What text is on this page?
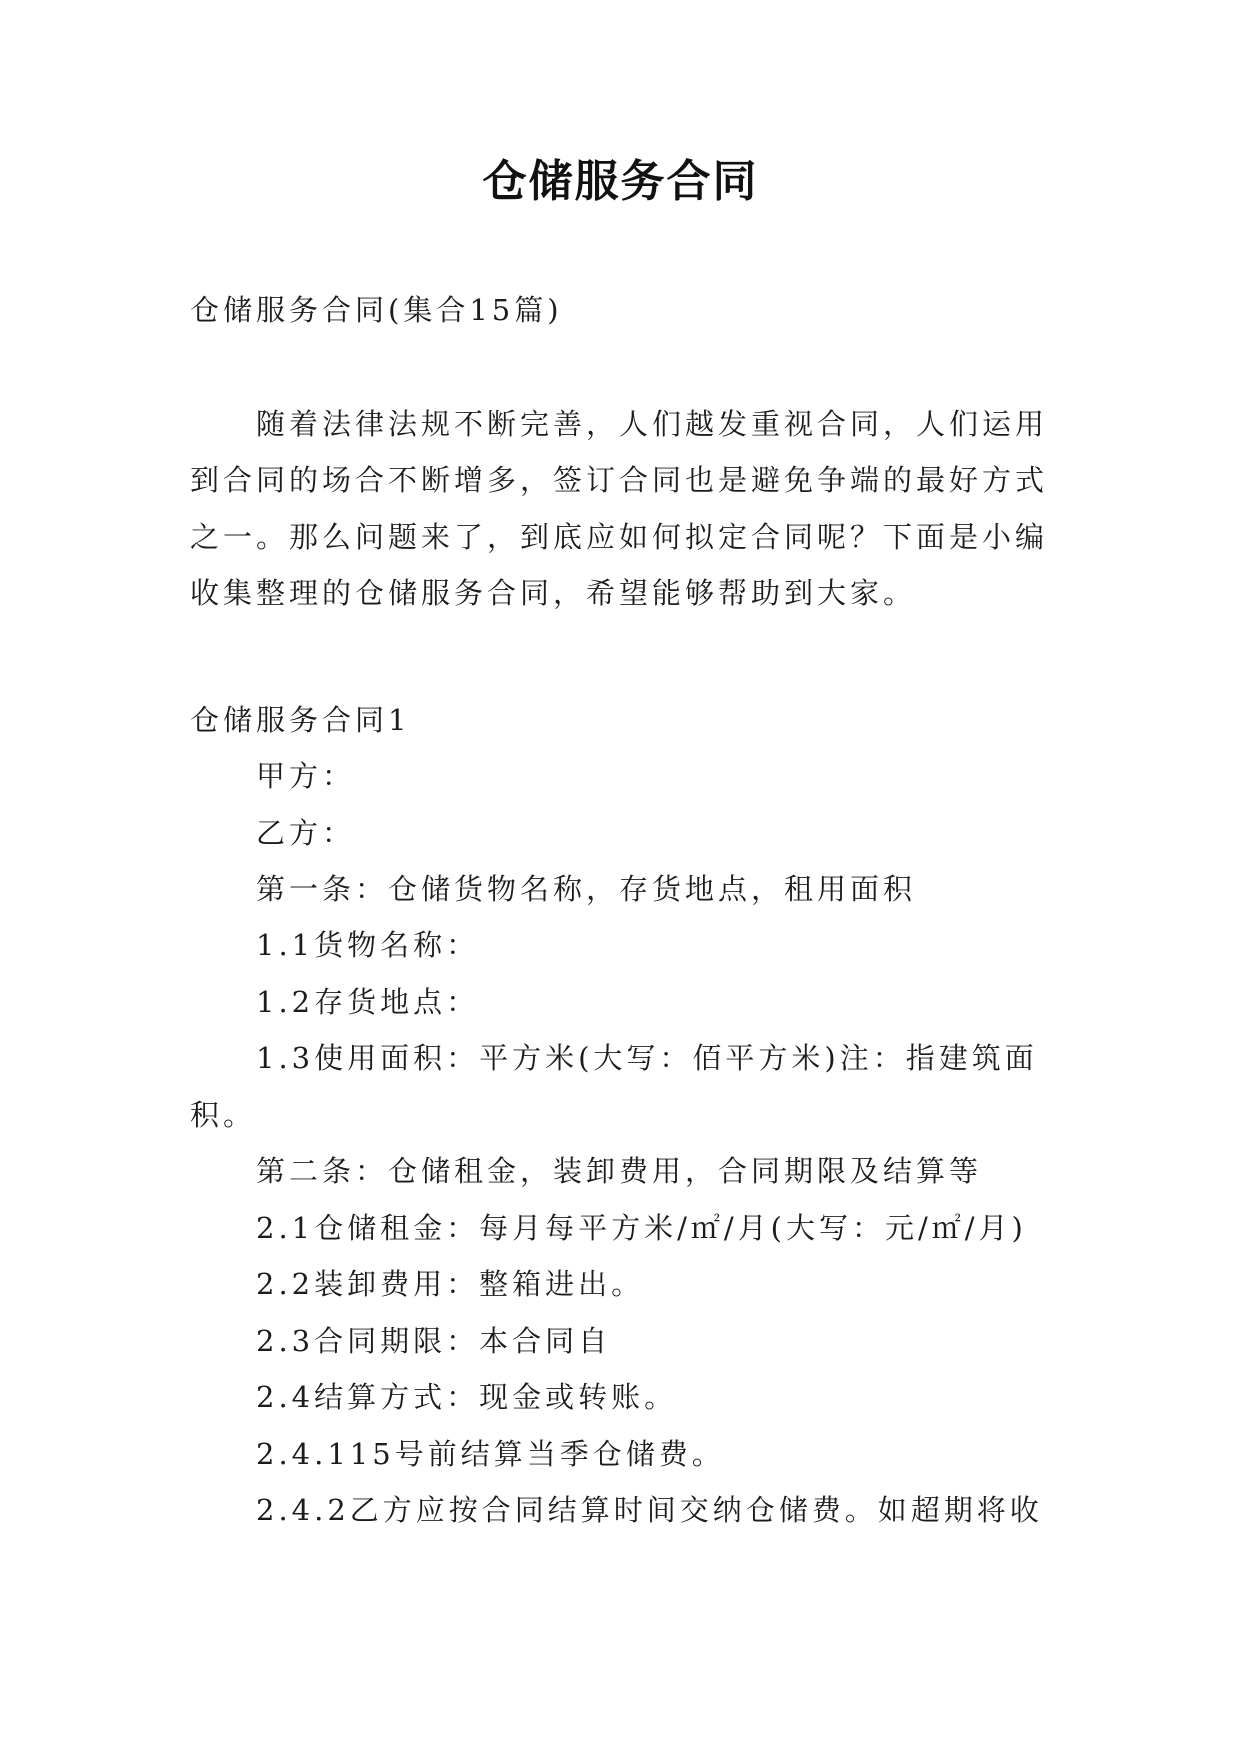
仓储服务合同
仓储服务合同(集合15篇)
随着法律法规不断完善，人们越发重视合同，人们运用
到合同的场合不断增多，签订合同也是避免争端的最好方式
之一。那么问题来了，到底应如何拟定合同呢？下面是小编
收集整理的仓储服务合同，希望能够帮助到大家。
仓储服务合同1
甲方：
乙方：
第一条：仓储货物名称，存货地点，租用面积
1.1货物名称：
1.2存货地点：
1.3使用面积：平方米(大写：佰平方米)注：指建筑面
积。
第二条：仓储租金，装卸费用，合同期限及结算等
2.1仓储租金：每月每平方米/㎡/月(大写：元/㎡/月)
2.2装卸费用：整箱进出。
2.3合同期限：本合同自
2.4结算方式：现金或转账。
2.4.115号前结算当季仓储费。
2.4.2乙方应按合同结算时间交纳仓储费。如超期将收
